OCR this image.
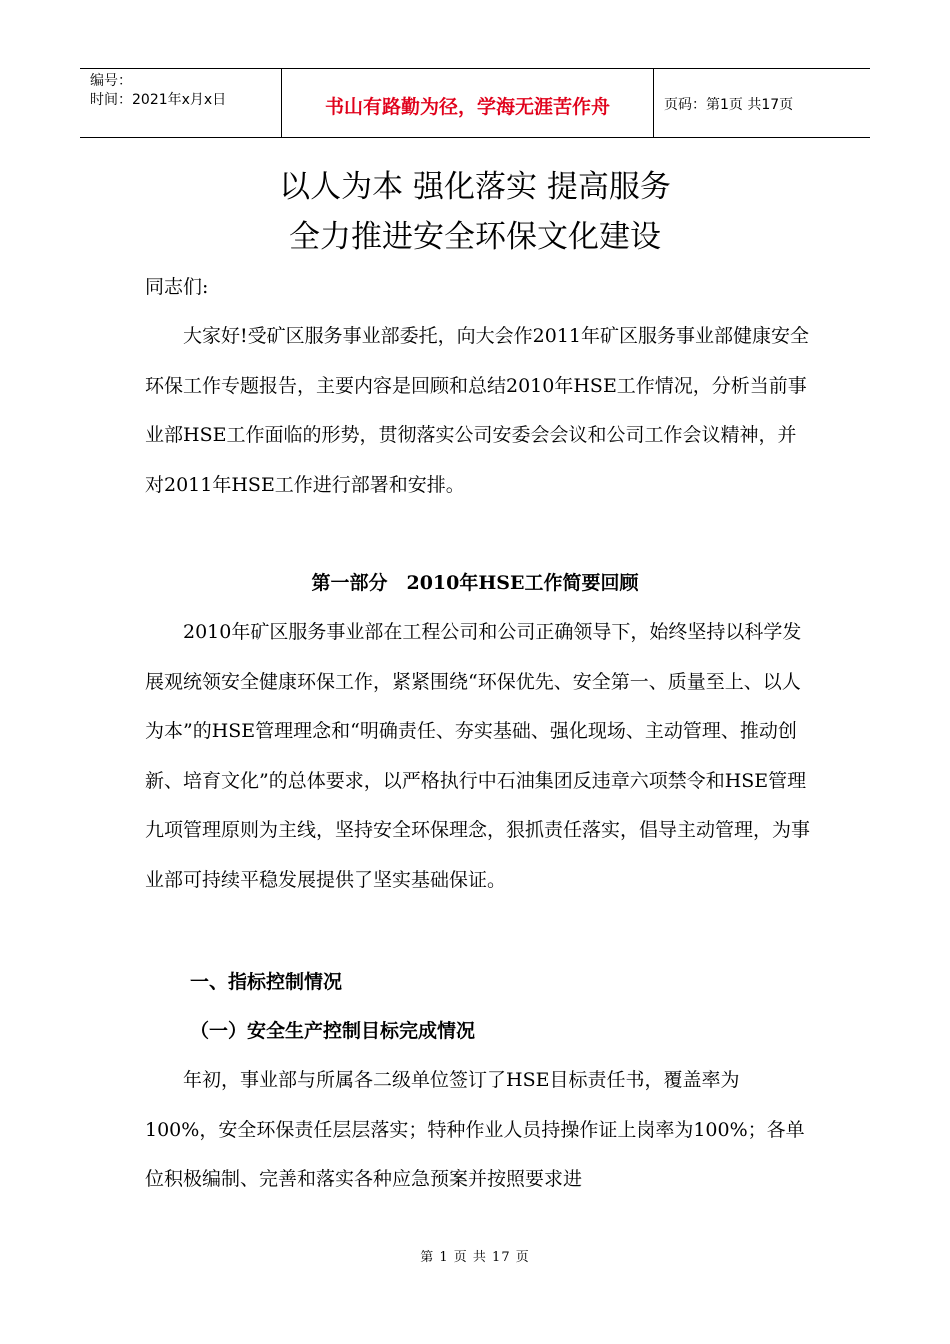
编号：
时间：2021年x月x日	书山有路勤为径，学海无涯苦作舟	页码：第1页 共17页
以人为本 强化落实 提高服务
全力推进安全环保文化建设
同志们:
大家好!受矿区服务事业部委托，向大会作2011年矿区服务事业部健康安全环保工作专题报告，主要内容是回顾和总结2010年HSE工作情况，分析当前事业部HSE工作面临的形势，贯彻落实公司安委会会议和公司工作会议精神，并对2011年HSE工作进行部署和安排。
第一部分　2010年HSE工作简要回顾
2010年矿区服务事业部在工程公司和公司正确领导下，始终坚持以科学发展观统领安全健康环保工作，紧紧围绕“环保优先、安全第一、质量至上、以人为本”的HSE管理理念和“明确责任、夯实基础、强化现场、主动管理、推动创新、培育文化”的总体要求，以严格执行中石油集团反违章六项禁令和HSE管理九项管理原则为主线，坚持安全环保理念，狠抓责任落实，倡导主动管理，为事业部可持续平稳发展提供了坚实基础保证。
一、指标控制情况
（一）安全生产控制目标完成情况
年初，事业部与所属各二级单位签订了HSE目标责任书，覆盖率为100%，安全环保责任层层落实；特种作业人员持操作证上岗率为100%；各单位积极编制、完善和落实各种应急预案并按照要求进
第 1 页 共 17 页
